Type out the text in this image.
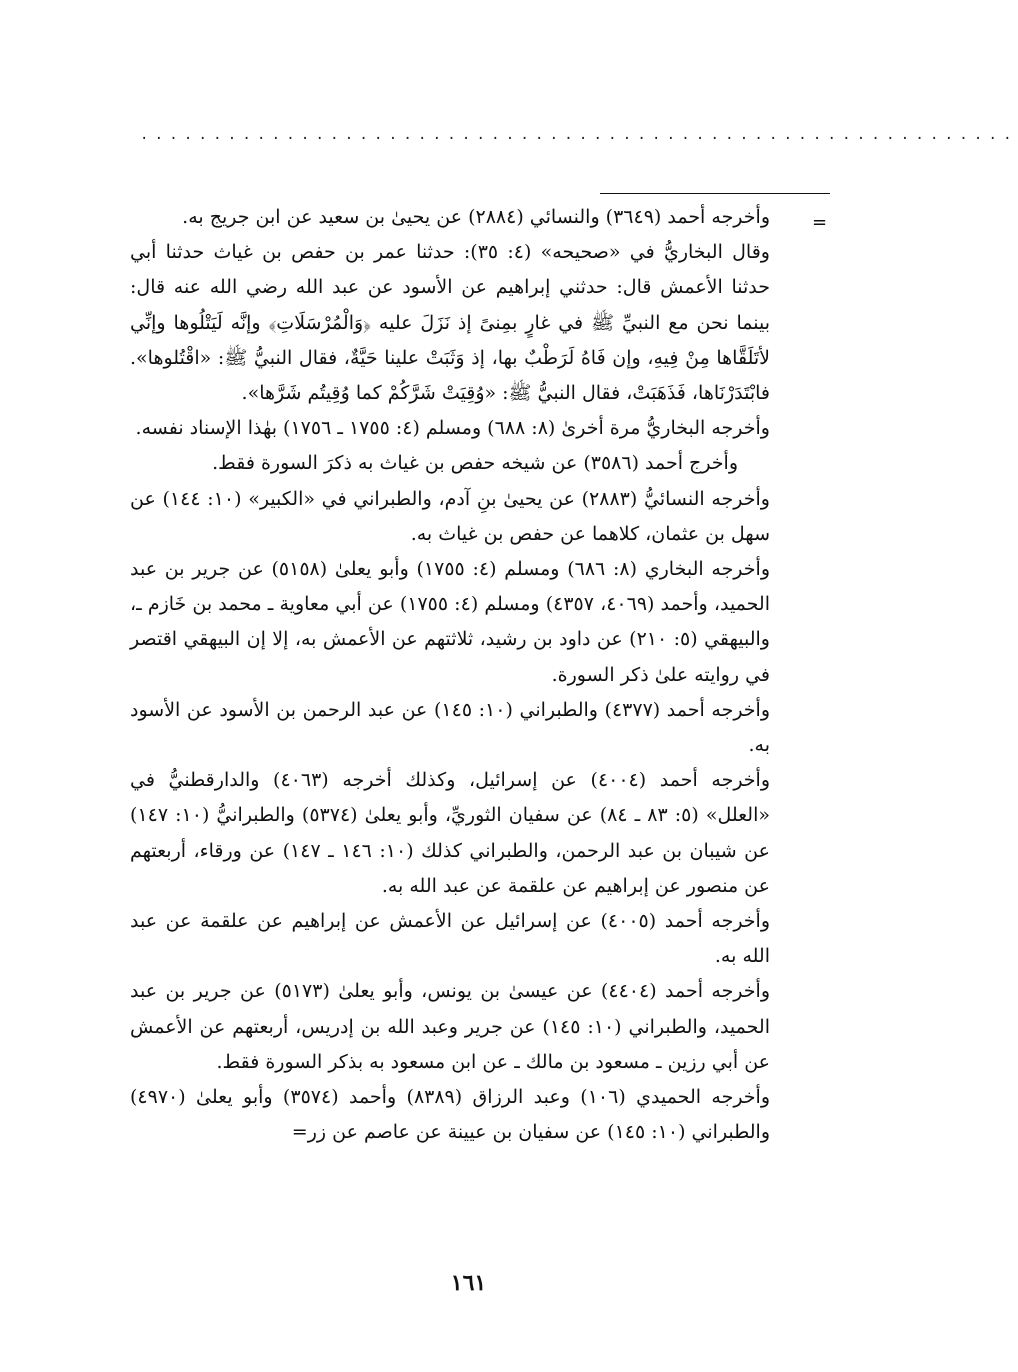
............................................................
=

وأخرجه أحمد (٣٦٤٩) والنسائي (٢٨٨٤) عن يحيىٰ بن سعيد عن ابن جريج به.

وقال البخاريُّ في «صحيحه» (٤: ٣٥): حدثنا عمر بن حفص بن غياث حدثنا أبي حدثنا الأعمش قال: حدثني إبراهيم عن الأسود عن عبد الله رضي الله عنه قال: بينما نحن مع النبيِّ ﷺ في غارٍ بمِنىً إذ نَزَلَ عليه ﴿وَالْمُرْسَلَاتِ﴾ وإنَّه لَيَتْلُوها وإنِّي لأتَلَقَّاها مِنْ فِيهِ، وإن فَاهُ لَرَطْبٌ بها، إذ وَثَبَتْ علينا حَيَّةٌ، فقال النبيُّ ﷺ: «اقْتُلوها». فابْتَدَرْنَاها، فَذَهَبَتْ، فقال النبيُّ ﷺ: «وُقِيَتْ شَرَّكُمْ كما وُقِيتُم شَرَّها».

وأخرجه البخاريُّ مرة أخرىٰ (٨: ٦٨٨) ومسلم (٤: ١٧٥٥ ـ ١٧٥٦) بهٰذا الإسناد نفسه.

وأخرج أحمد (٣٥٨٦) عن شيخه حفص بن غياث به ذكرَ السورة فقط.

وأخرجه النسائيُّ (٢٨٨٣) عن يحيىٰ بنِ آدم، والطبراني في «الكبير» (١٠: ١٤٤) عن سهل بن عثمان، كلاهما عن حفص بن غياث به.

وأخرجه البخاري (٨: ٦٨٦) ومسلم (٤: ١٧٥٥) وأبو يعلىٰ (٥١٥٨) عن جرير بن عبد الحميد، وأحمد (٤٠٦٩، ٤٣٥٧) ومسلم (٤: ١٧٥٥) عن أبي معاوية ـ محمد بن خَازم ـ، والبيهقي (٥: ٢١٠) عن داود بن رشيد، ثلاثتهم عن الأعمش به، إلا إن البيهقي اقتصر في روايته علىٰ ذكر السورة.

وأخرجه أحمد (٤٣٧٧) والطبراني (١٠: ١٤٥) عن عبد الرحمن بن الأسود عن الأسود به.

وأخرجه أحمد (٤٠٠٤) عن إسرائيل، وكذلك أخرجه (٤٠٦٣) والدارقطنيُّ في «العلل» (٥: ٨٣ ـ ٨٤) عن سفيان الثوريِّ، وأبو يعلىٰ (٥٣٧٤) والطبرانيُّ (١٠: ١٤٧) عن شيبان بن عبد الرحمن، والطبراني كذلك (١٠: ١٤٦ ـ ١٤٧) عن ورقاء، أربعتهم عن منصور عن إبراهيم عن علقمة عن عبد الله به.

وأخرجه أحمد (٤٠٠٥) عن إسرائيل عن الأعمش عن إبراهيم عن علقمة عن عبد الله به.

وأخرجه أحمد (٤٤٠٤) عن عيسىٰ بن يونس، وأبو يعلىٰ (٥١٧٣) عن جرير بن عبد الحميد، والطبراني (١٠: ١٤٥) عن جرير وعبد الله بن إدريس، أربعتهم عن الأعمش عن أبي رزين ـ مسعود بن مالك ـ عن ابن مسعود به بذكر السورة فقط.

وأخرجه الحميدي (١٠٦) وعبد الرزاق (٨٣٨٩) وأحمد (٣٥٧٤) وأبو يعلىٰ (٤٩٧٠) والطبراني (١٠: ١٤٥) عن سفيان بن عيينة عن عاصم عن زر=

١٦١
